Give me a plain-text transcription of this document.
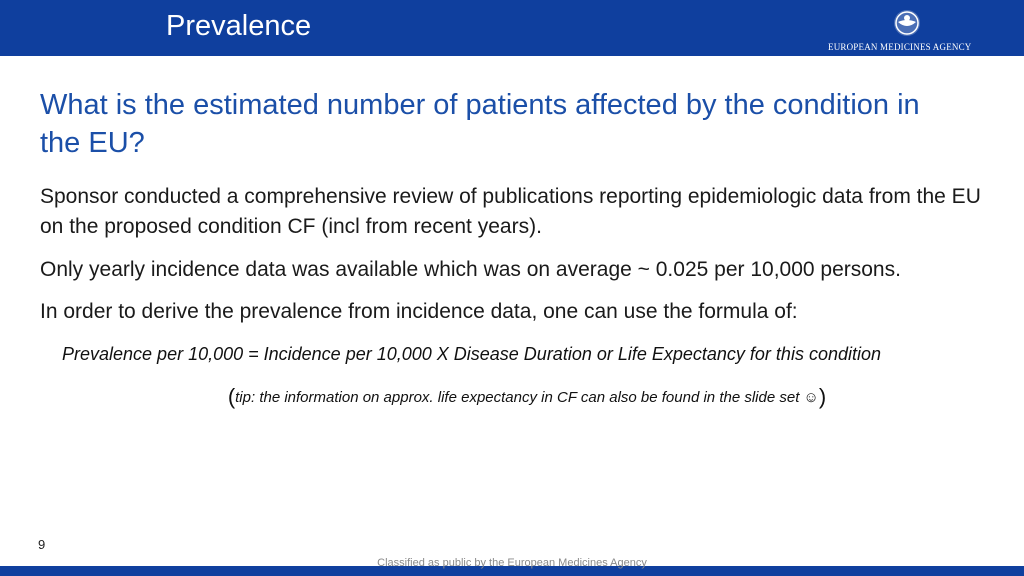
Prevalence
EUROPEAN MEDICINES AGENCY
What is the estimated number of patients affected by the condition in the EU?
Sponsor conducted a comprehensive review of publications reporting epidemiologic data from the EU on the proposed condition CF (incl from recent years).
Only yearly incidence data was available which was on average ~ 0.025 per 10,000 persons.
In order to derive the prevalence from incidence data, one can use the formula of:
Prevalence per 10,000 = Incidence per 10,000 X Disease Duration or Life Expectancy for this condition
(tip: the information on approx. life expectancy in CF can also be found in the slide set ☺)
9
Classified as public by the European Medicines Agency
